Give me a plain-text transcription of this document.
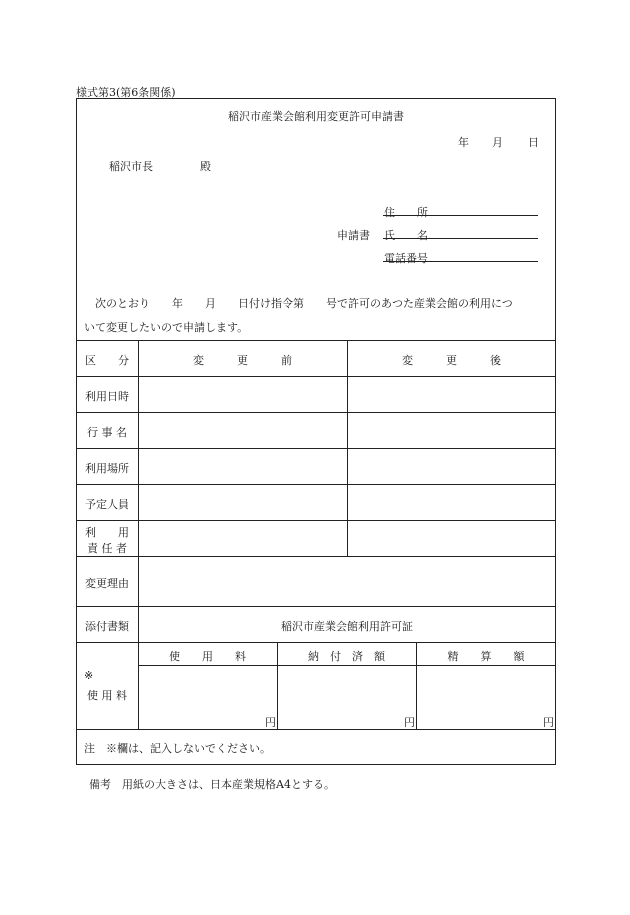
様式第3(第6条関係)
稲沢市産業会館利用変更許可申請書
年 月 日
稲沢市長	殿
住　　所
申請書 氏　　名
電話番号
次のとおり　　年　　月　　日付け指令第　　号で許可のあつた産業会館の利用につ
いて変更したいので申請します。
区　　分	変　　　更　　　前	変　　　更　　　後
利用日時
行 事 名
利用場所
予定人員
利　　用
責 任 者
変更理由
添付書類	稲沢市産業会館利用許可証
※
使 用 料
使　　用　　料	納　付　済　額	精　　算　　額
円	円	円
注　※欄は、記入しないでください。
備考　用紙の大きさは、日本産業規格A4とする。
